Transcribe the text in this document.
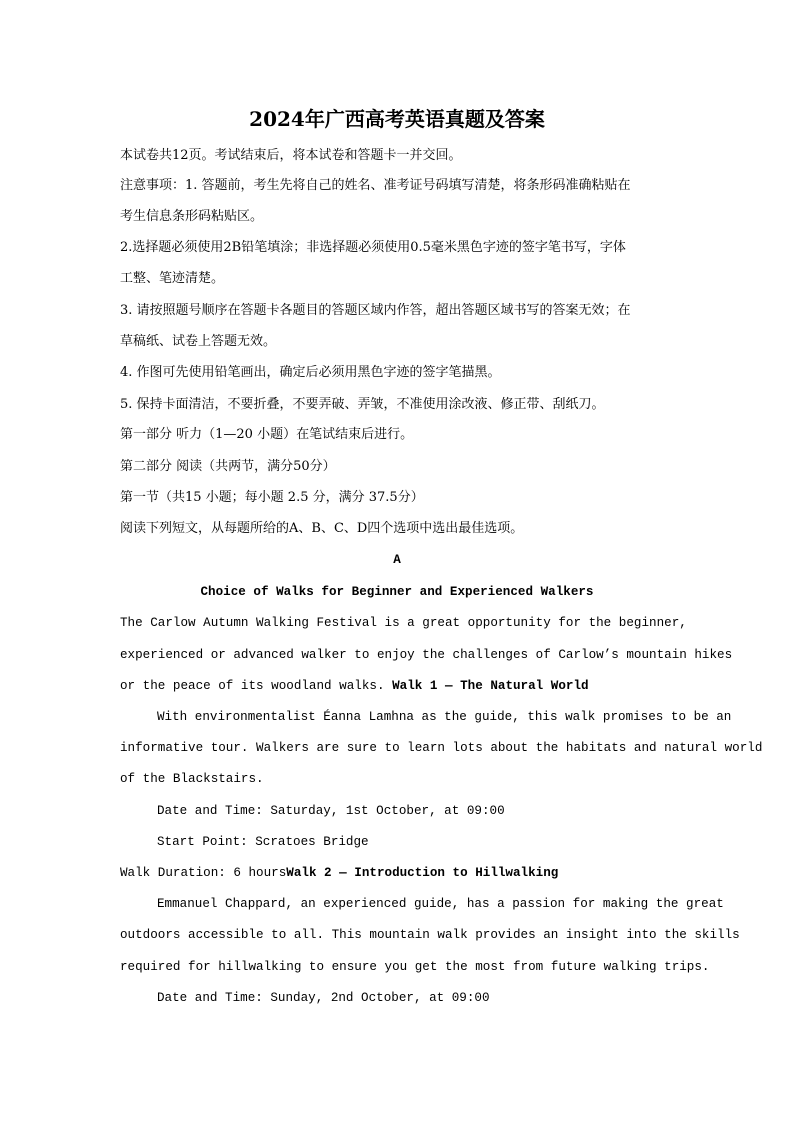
2024年广西高考英语真题及答案
本试卷共12页。考试结束后，将本试卷和答题卡一并交回。
注意事项：1. 答题前，考生先将自己的姓名、准考证号码填写清楚，将条形码准确粘贴在
考生信息条形码粘贴区。
2.选择题必须使用2B铅笔填涂；非选择题必须使用0.5毫米黑色字迹的签字笔书写，字体
工整、笔迹清楚。
3. 请按照题号顺序在答题卡各题目的答题区域内作答，超出答题区域书写的答案无效；在
草稿纸、试卷上答题无效。
4. 作图可先使用铅笔画出，确定后必须用黑色字迹的签字笔描黑。
5. 保持卡面清洁，不要折叠，不要弄破、弄皱，不准使用涂改液、修正带、刮纸刀。
第一部分 听力（1—20 小题）在笔试结束后进行。
第二部分 阅读（共两节，满分50分）
第一节（共15 小题；每小题 2.5 分，满分 37.5分）
阅读下列短文，从每题所给的A、B、C、D四个选项中选出最佳选项。
A
Choice of Walks for Beginner and Experienced Walkers
The Carlow Autumn Walking Festival is a great opportunity for the beginner,
experienced or advanced walker to enjoy the challenges of Carlow’s mountain hikes
or the peace of its woodland walks. Walk 1 — The Natural World
With environmentalist Éanna Lamhna as the guide, this walk promises to be an
informative tour. Walkers are sure to learn lots about the habitats and natural world
of the Blackstairs.
Date and Time: Saturday, 1st October, at 09:00
Start Point: Scratoes Bridge
Walk Duration: 6 hoursWalk 2 — Introduction to Hillwalking
Emmanuel Chappard, an experienced guide, has a passion for making the great
outdoors accessible to all. This mountain walk provides an insight into the skills
required for hillwalking to ensure you get the most from future walking trips.
Date and Time: Sunday, 2nd October, at 09:00
